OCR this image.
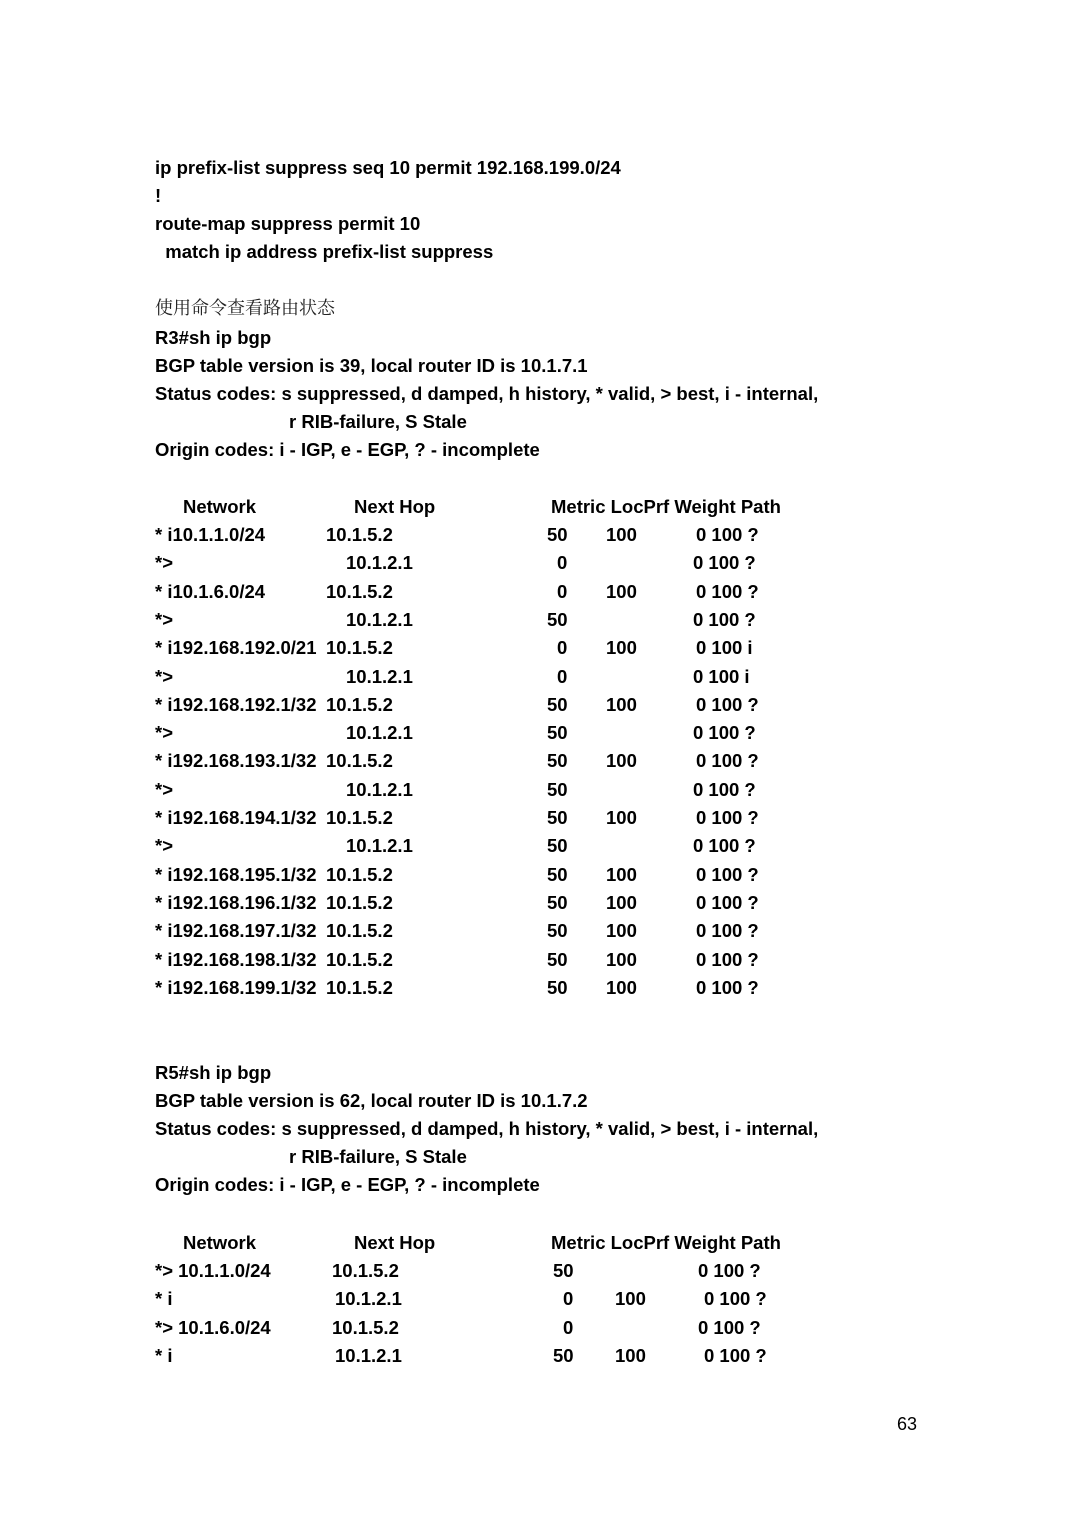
ip prefix-list suppress seq 10 permit 192.168.199.0/24
!
route-map suppress permit 10
match ip address prefix-list suppress
使用命令查看路由状态
R3#sh ip bgp
BGP table version is 39, local router ID is 10.1.7.1
Status codes: s suppressed, d damped, h history, * valid, > best, i - internal,
r RIB-failure, S Stale
Origin codes: i - IGP, e - EGP, ? - incomplete
Network	Next Hop	Metric LocPrf Weight Path
* i10.1.1.0/24	10.1.5.2	50 100	0 100 ?
*>	10.1.2.1	0	0 100 ?
* i10.1.6.0/24	10.1.5.2	0 100	0 100 ?
*>	10.1.2.1	50	0 100 ?
* i192.168.192.0/21 10.1.5.2	0 100	0 100 i
*>	10.1.2.1	0	0 100 i
* i192.168.192.1/32 10.1.5.2	50 100	0 100 ?
*>	10.1.2.1	50	0 100 ?
* i192.168.193.1/32 10.1.5.2	50 100	0 100 ?
*>	10.1.2.1	50	0 100 ?
* i192.168.194.1/32 10.1.5.2	50 100	0 100 ?
*>	10.1.2.1	50	0 100 ?
* i192.168.195.1/32 10.1.5.2	50 100	0 100 ?
* i192.168.196.1/32 10.1.5.2	50 100	0 100 ?
* i192.168.197.1/32 10.1.5.2	50 100	0 100 ?
* i192.168.198.1/32 10.1.5.2	50 100	0 100 ?
* i192.168.199.1/32 10.1.5.2	50 100	0 100 ?
R5#sh ip bgp
BGP table version is 62, local router ID is 10.1.7.2
Status codes: s suppressed, d damped, h history, * valid, > best, i - internal,
r RIB-failure, S Stale
Origin codes: i - IGP, e - EGP, ? - incomplete
Network	Next Hop	Metric LocPrf Weight Path
*> 10.1.1.0/24	10.1.5.2	50	0 100 ?
* i	10.1.2.1	0 100	0 100 ?
*> 10.1.6.0/24	10.1.5.2	0	0 100 ?
* i	10.1.2.1	50 100	0 100 ?
63
